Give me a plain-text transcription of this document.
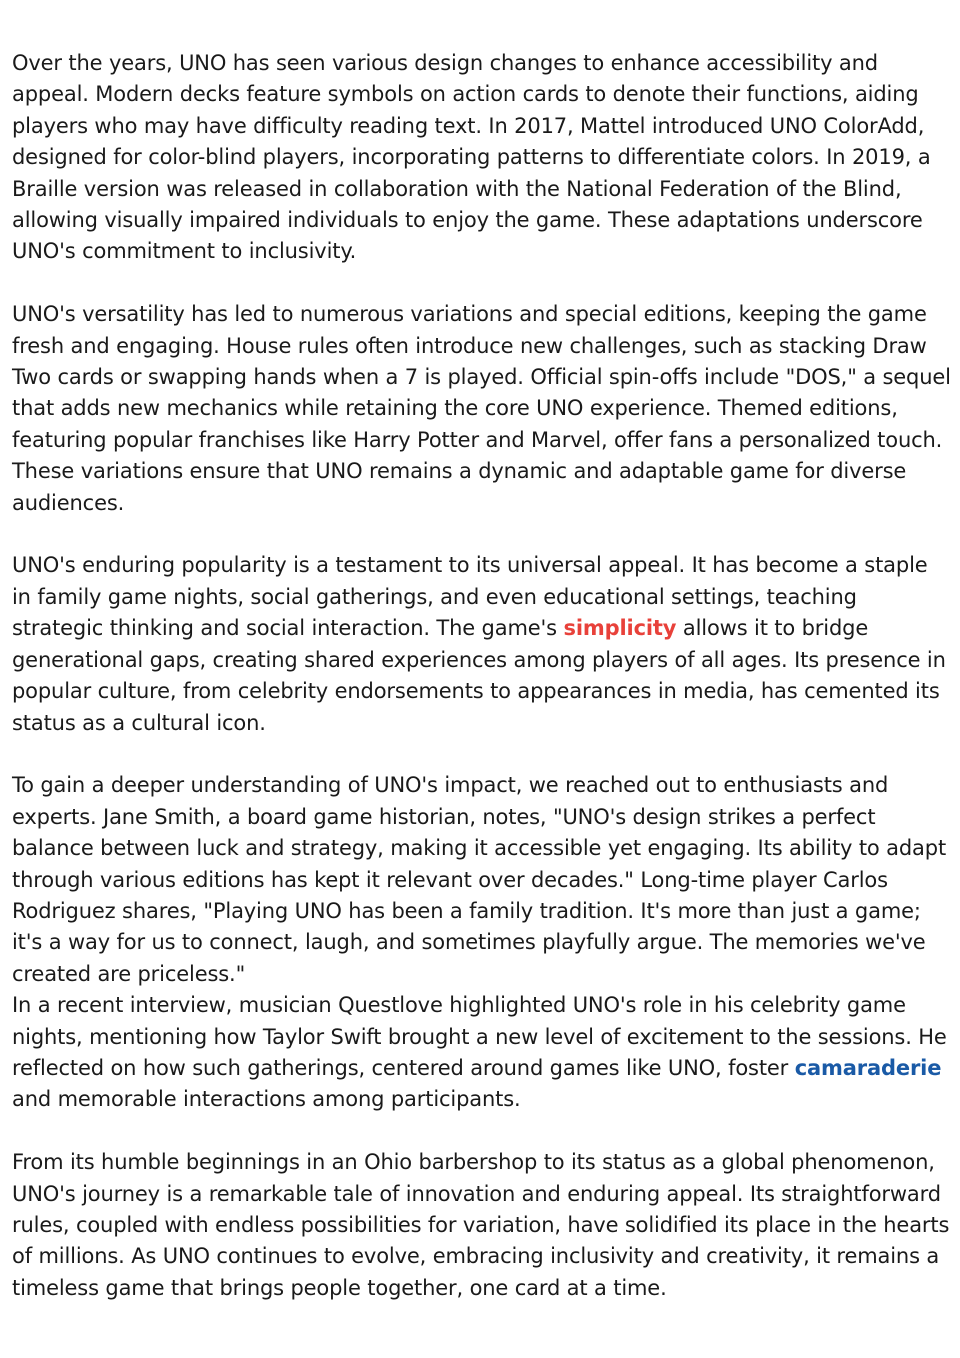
Over the years, UNO has seen various design changes to enhance accessibility and appeal. Modern decks feature symbols on action cards to denote their functions, aiding players who may have difficulty reading text. In 2017, Mattel introduced UNO ColorAdd, designed for color-blind players, incorporating patterns to differentiate colors. In 2019, a Braille version was released in collaboration with the National Federation of the Blind, allowing visually impaired individuals to enjoy the game. These adaptations underscore UNO's commitment to inclusivity.

UNO's versatility has led to numerous variations and special editions, keeping the game fresh and engaging. House rules often introduce new challenges, such as stacking Draw Two cards or swapping hands when a 7 is played. Official spin-offs include "DOS," a sequel that adds new mechanics while retaining the core UNO experience. Themed editions, featuring popular franchises like Harry Potter and Marvel, offer fans a personalized touch. These variations ensure that UNO remains a dynamic and adaptable game for diverse audiences.

UNO's enduring popularity is a testament to its universal appeal. It has become a staple in family game nights, social gatherings, and even educational settings, teaching strategic thinking and social interaction. The game's simplicity allows it to bridge generational gaps, creating shared experiences among players of all ages. Its presence in popular culture, from celebrity endorsements to appearances in media, has cemented its status as a cultural icon.

To gain a deeper understanding of UNO's impact, we reached out to enthusiasts and experts. Jane Smith, a board game historian, notes, "UNO's design strikes a perfect balance between luck and strategy, making it accessible yet engaging. Its ability to adapt through various editions has kept it relevant over decades." Long-time player Carlos Rodriguez shares, "Playing UNO has been a family tradition. It's more than just a game; it's a way for us to connect, laugh, and sometimes playfully argue. The memories we've created are priceless."

In a recent interview, musician Questlove highlighted UNO's role in his celebrity game nights, mentioning how Taylor Swift brought a new level of excitement to the sessions. He reflected on how such gatherings, centered around games like UNO, foster camaraderie and memorable interactions among participants.

From its humble beginnings in an Ohio barbershop to its status as a global phenomenon, UNO's journey is a remarkable tale of innovation and enduring appeal. Its straightforward rules, coupled with endless possibilities for variation, have solidified its place in the hearts of millions. As UNO continues to evolve, embracing inclusivity and creativity, it remains a timeless game that brings people together, one card at a time.
